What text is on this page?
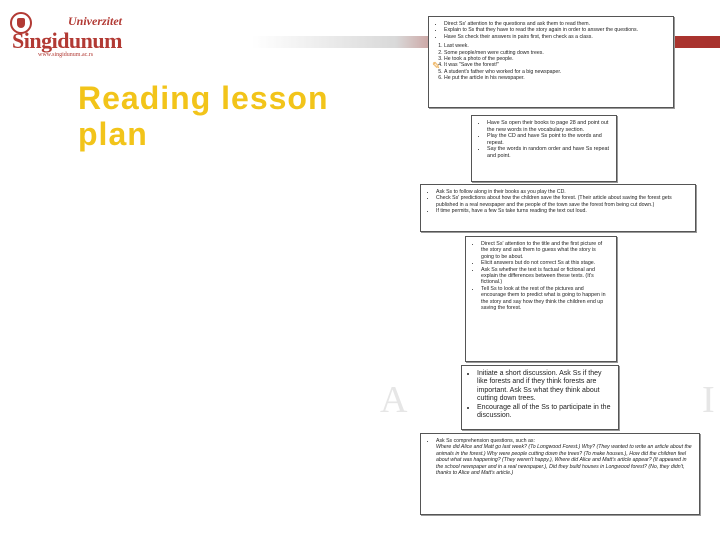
Univerzitet
Singidunum
www.singidunum.ac.rs
Reading lesson
plan
A	I
• Direct Ss' attention to the questions and ask them to read them.
• Explain to Ss that they have to read the story again in order to answer the questions.
• Have Ss check their answers in pairs first, then check as a class.
1. Last week.
2. Some people/men were cutting down trees.
3. He took a photo of the people.
4. It was "Save the forest!"
5. A student's father who worked for a big newspaper.
6. He put the article in his newspaper.
✎
• Have Ss open their books to page 28 and point out the new words in the vocabulary section.
• Play the CD and have Ss point to the words and repeat.
• Say the words in random order and have Ss repeat and point.
• Ask Ss to follow along in their books as you play the CD.
• Check Ss' predictions about how the children save the forest. (Their article about saving the forest gets published in a real newspaper and the people of the town save the forest from being cut down.)
• If time permits, have a few Ss take turns reading the text out loud.
• Direct Ss' attention to the title and the first picture of the story and ask them to guess what the story is going to be about.
• Elicit answers but do not correct Ss at this stage.
• Ask Ss whether the text is factual or fictional and explain the differences between these texts. (It's fictional.)
• Tell Ss to look at the rest of the pictures and encourage them to predict what is going to happen in the story and say how they think the children end up saving the forest.
• Initiate a short discussion. Ask Ss if they like forests and if they think forests are important. Ask Ss what they think about cutting down trees.
• Encourage all of the Ss to participate in the discussion.
• Ask Ss comprehension questions, such as:
Where did Alice and Matt go last week? (To Longwood Forest.) Why? (They wanted to write an article about the animals in the forest.) Why were people cutting down the trees? (To make houses.), How did the children feel about what was happening? (They weren't happy.), Where did Alice and Matt's article appear? (It appeared in the school newspaper and in a real newspaper.), Did they build houses in Longwood forest? (No, they didn't, thanks to Alice and Matt's article.)
